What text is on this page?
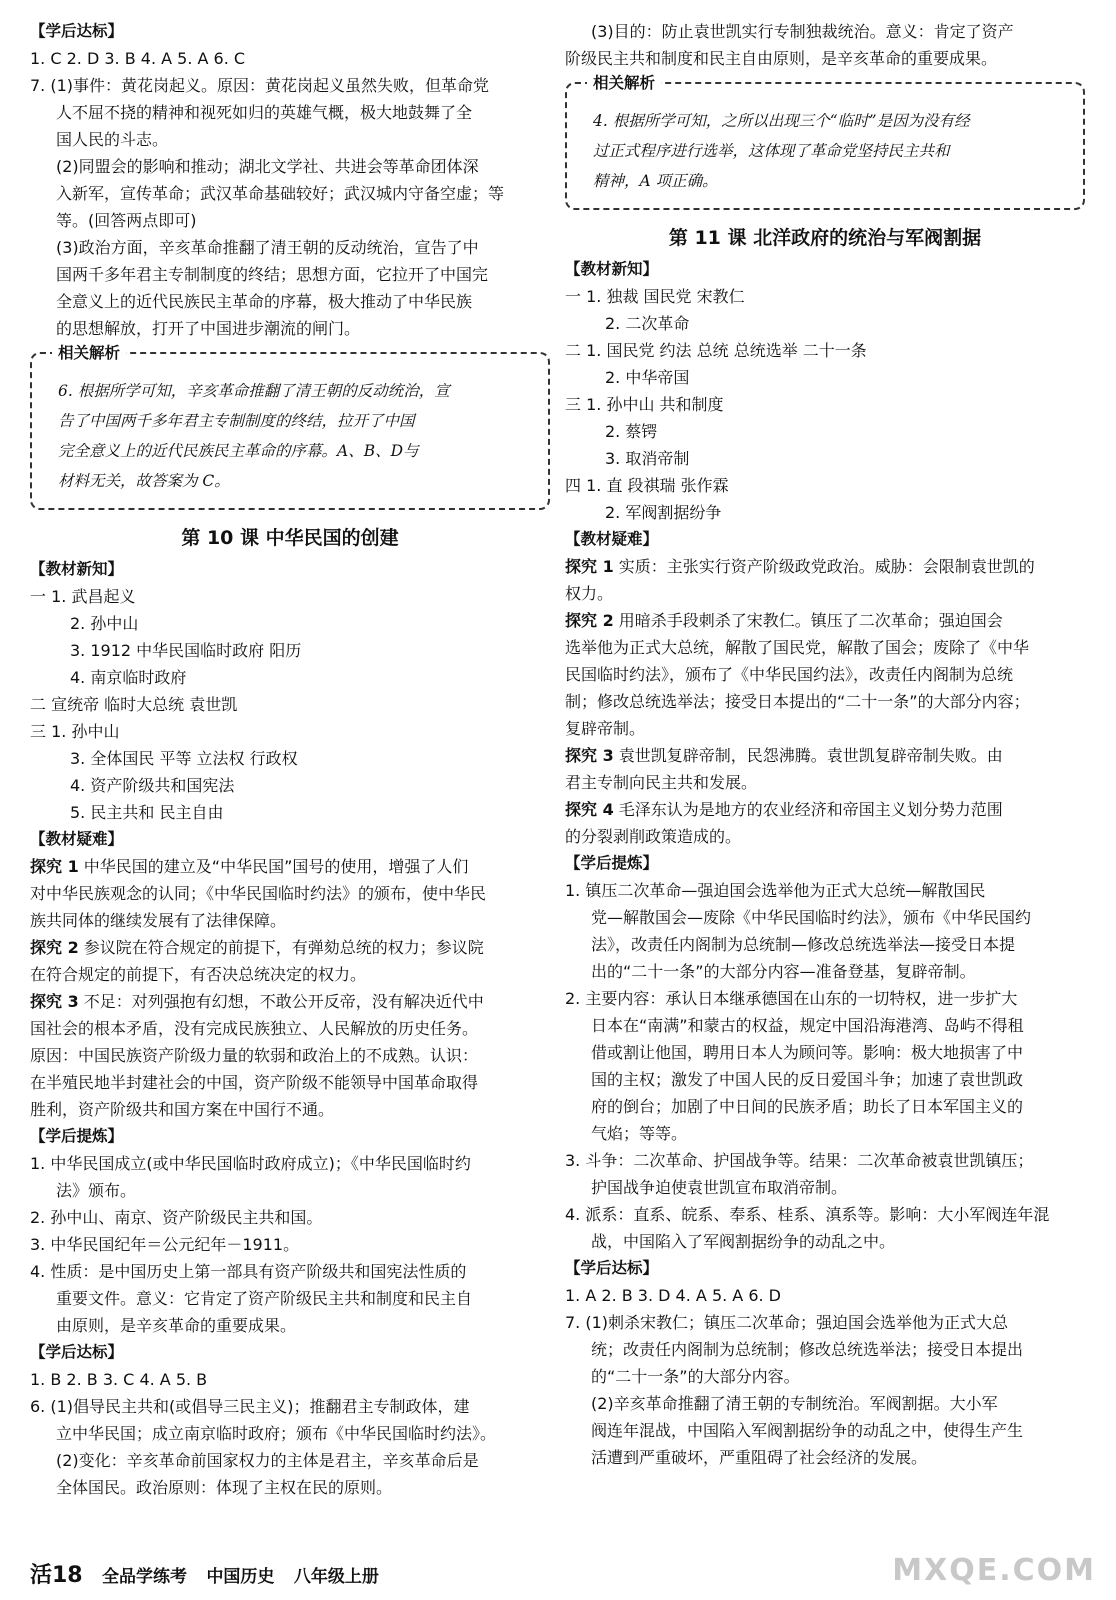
【学后达标】
1. C 2. D 3. B 4. A 5. A 6. C
7. (1)事件：黄花岗起义。原因：黄花岗起义虽然失败，但革命党
人不屈不挠的精神和视死如归的英雄气概，极大地鼓舞了全
国人民的斗志。
(2)同盟会的影响和推动；湖北文学社、共进会等革命团体深
入新军，宣传革命；武汉革命基础较好；武汉城内守备空虚；等
等。(回答两点即可)
(3)政治方面，辛亥革命推翻了清王朝的反动统治，宣告了中
国两千多年君主专制制度的终结；思想方面，它拉开了中国完
全意义上的近代民族民主革命的序幕，极大推动了中华民族
的思想解放，打开了中国进步潮流的闸门。
相关解析
6. 根据所学可知，辛亥革命推翻了清王朝的反动统治，宣
告了中国两千多年君主专制制度的终结，拉开了中国
完全意义上的近代民族民主革命的序幕。A、B、D与
材料无关，故答案为 C。
第 10 课 中华民国的创建
【教材新知】
一 1. 武昌起义
2. 孙中山
3. 1912 中华民国临时政府 阳历
4. 南京临时政府
二 宣统帝 临时大总统 袁世凯
三 1. 孙中山
3. 全体国民 平等 立法权 行政权
4. 资产阶级共和国宪法
5. 民主共和 民主自由
【教材疑难】
探究 1 中华民国的建立及“中华民国”国号的使用，增强了人们
对中华民族观念的认同；《中华民国临时约法》的颁布，使中华民
族共同体的继续发展有了法律保障。
探究 2 参议院在符合规定的前提下，有弹劾总统的权力；参议院
在符合规定的前提下，有否决总统决定的权力。
探究 3 不足：对列强抱有幻想，不敢公开反帝，没有解决近代中
国社会的根本矛盾，没有完成民族独立、人民解放的历史任务。
原因：中国民族资产阶级力量的软弱和政治上的不成熟。认识：
在半殖民地半封建社会的中国，资产阶级不能领导中国革命取得
胜利，资产阶级共和国方案在中国行不通。
【学后提炼】
1. 中华民国成立(或中华民国临时政府成立)；《中华民国临时约
法》颁布。
2. 孙中山、南京、资产阶级民主共和国。
3. 中华民国纪年＝公元纪年－1911。
4. 性质：是中国历史上第一部具有资产阶级共和国宪法性质的
重要文件。意义：它肯定了资产阶级民主共和制度和民主自
由原则，是辛亥革命的重要成果。
【学后达标】
1. B 2. B 3. C 4. A 5. B
6. (1)倡导民主共和(或倡导三民主义)；推翻君主专制政体，建
立中华民国；成立南京临时政府；颁布《中华民国临时约法》。
(2)变化：辛亥革命前国家权力的主体是君主，辛亥革命后是
全体国民。政治原则：体现了主权在民的原则。
(3)目的：防止袁世凯实行专制独裁统治。意义：肯定了资产
阶级民主共和制度和民主自由原则，是辛亥革命的重要成果。
相关解析
4. 根据所学可知，之所以出现三个“临时”是因为没有经
过正式程序进行选举，这体现了革命党坚持民主共和
精神，A 项正确。
第 11 课 北洋政府的统治与军阀割据
【教材新知】
一 1. 独裁 国民党 宋教仁
2. 二次革命
二 1. 国民党 约法 总统 总统选举 二十一条
2. 中华帝国
三 1. 孙中山 共和制度
2. 蔡锷
3. 取消帝制
四 1. 直 段祺瑞 张作霖
2. 军阀割据纷争
【教材疑难】
探究 1 实质：主张实行资产阶级政党政治。威胁：会限制袁世凯的
权力。
探究 2 用暗杀手段刺杀了宋教仁。镇压了二次革命；强迫国会
选举他为正式大总统，解散了国民党，解散了国会；废除了《中华
民国临时约法》，颁布了《中华民国约法》，改责任内阁制为总统
制；修改总统选举法；接受日本提出的“二十一条”的大部分内容；
复辟帝制。
探究 3 袁世凯复辟帝制，民怨沸腾。袁世凯复辟帝制失败。由
君主专制向民主共和发展。
探究 4 毛泽东认为是地方的农业经济和帝国主义划分势力范围
的分裂剥削政策造成的。
【学后提炼】
1. 镇压二次革命—强迫国会选举他为正式大总统—解散国民
党—解散国会—废除《中华民国临时约法》，颁布《中华民国约
法》，改责任内阁制为总统制—修改总统选举法—接受日本提
出的“二十一条”的大部分内容—准备登基，复辟帝制。
2. 主要内容：承认日本继承德国在山东的一切特权，进一步扩大
日本在“南满”和蒙古的权益，规定中国沿海港湾、岛屿不得租
借或割让他国，聘用日本人为顾问等。影响：极大地损害了中
国的主权；激发了中国人民的反日爱国斗争；加速了袁世凯政
府的倒台；加剧了中日间的民族矛盾；助长了日本军国主义的
气焰；等等。
3. 斗争：二次革命、护国战争等。结果：二次革命被袁世凯镇压；
护国战争迫使袁世凯宣布取消帝制。
4. 派系：直系、皖系、奉系、桂系、滇系等。影响：大小军阀连年混
战，中国陷入了军阀割据纷争的动乱之中。
【学后达标】
1. A 2. B 3. D 4. A 5. A 6. D
7. (1)刺杀宋教仁；镇压二次革命；强迫国会选举他为正式大总
统；改责任内阁制为总统制；修改总统选举法；接受日本提出
的“二十一条”的大部分内容。
(2)辛亥革命推翻了清王朝的专制统治。军阀割据。大小军
阀连年混战，中国陷入军阀割据纷争的动乱之中，使得生产生
活遭到严重破坏，严重阻碍了社会经济的发展。
活18 全品学练考 中国历史 八年级上册	MXQE.COM
